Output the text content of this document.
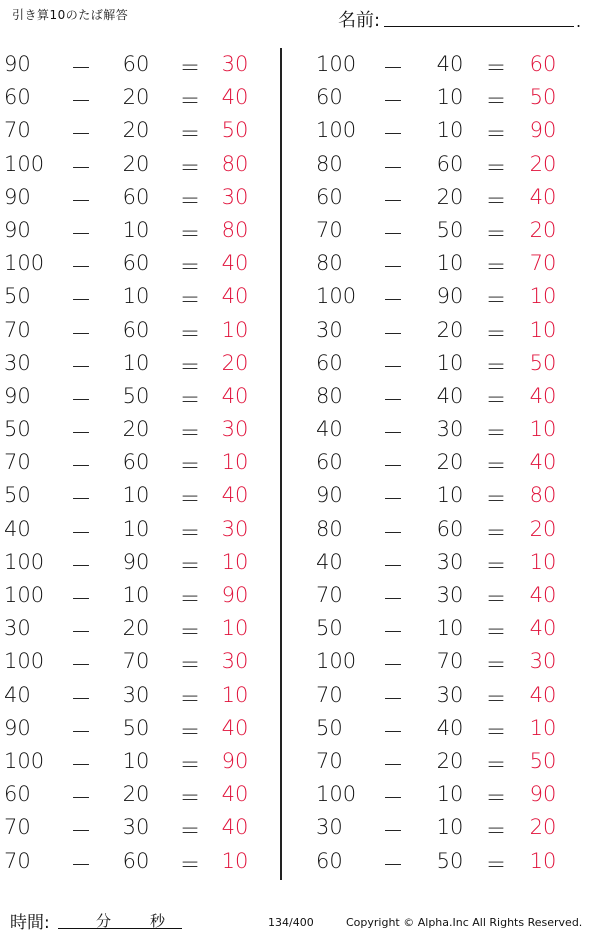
引き算10のたば解答	名前:	.
90	－	60	＝	30
60	－	20	＝	40
70	－	20	＝	50
100 －	20	＝	80
90	－	60	＝	30
90	－	10	＝	80
100 －	60	＝	40
50	－	10	＝	40
70	－	60	＝	10
30	－	10	＝	20
90	－	50	＝	40
50	－	20	＝	30
70	－	60	＝	10
50	－	10	＝	40
40	－	10	＝	30
100 －	90	＝	10
100 －	10	＝	90
30	－	20	＝	10
100 －	70	＝	30
40	－	30	＝	10
90	－	50	＝	40
100 －	10	＝	90
60	－	20	＝	40
70	－	30	＝	40
70	－	60	＝	10
100	－	40	＝	60
60	－	10	＝	50
100	－	10	＝	90
80	－	60	＝	20
60	－	20	＝	40
70	－	50	＝	20
80	－	10	＝	70
100	－	90	＝	10
30	－	20	＝	10
60	－	10	＝	50
80	－	40	＝	40
40	－	30	＝	10
60	－	20	＝	40
90	－	10	＝	80
80	－	60	＝	20
40	－	30	＝	10
70	－	30	＝	40
50	－	10	＝	40
100	－	70	＝	30
70	－	30	＝	40
50	－	40	＝	10
70	－	20	＝	50
100	－	10	＝	90
30	－	10	＝	20
60	－	50	＝	10
時間:	分	秒	134/400	Copyright © Alpha.Inc All Rights Reserved.
